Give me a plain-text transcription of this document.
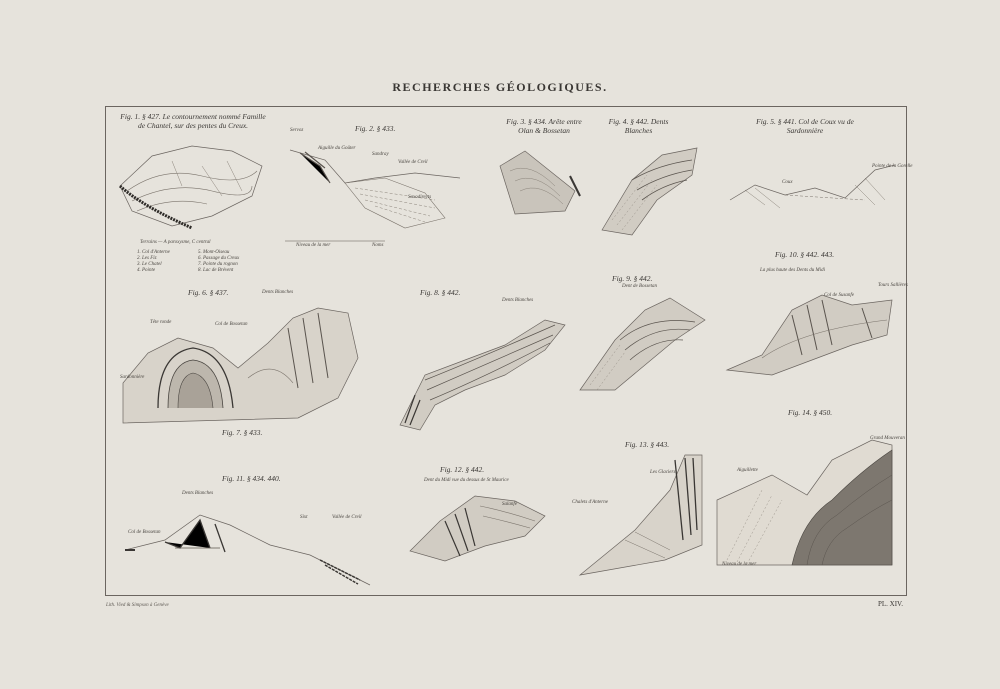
RECHERCHES GÉOLOGIQUES.
Fig. 1. § 427. Le contournement nommé Famille de Chantel, sur des pentes du Creux.
Terrains — A paroxysme, C central
1. Col d'Anterne
2. Les Fiz
3. Le Chatel
4. Pointe
5. Mont-Oiseau
6. Passage du Creux
7. Pointe du rognon
8. Lac de Brévent
Fig. 2. § 433.
Servoz
Aiguille du Goûter
Sandray
Vallée de Creil
Saxodirects
Niveau de la mer	Noms
Fig. 3. § 434. Arête entre Olan & Bossetan
Fig. 4. § 442. Dents Blanches
Fig. 5. § 441. Col de Coux vu de Sardonnière
Coux
Pointe de la Gorelle
Fig. 6. § 437.	Dents Blanches
Tête ronde	Col de Bossetan
Sardonnière
Fig. 7. § 433.
Fig. 8. § 442.
Dents Blanches
Fig. 9. § 442.
Dent de Bossetan
Fig. 10. § 442. 443.
La plus haute des Dents du Midi
Col de Susanfe
Tours Sallières
Fig. 11. § 434. 440.
Dents Blanches
Col de Bossetan
Sixt	Vallée de Creil
Fig. 12. § 442.
Dent du Midi vue du dessus de St Maurice
Salanfe
Fig. 13. § 443.
Les Glaciers
Chalets d'Anterne
Fig. 14. § 450.
Aiguillette
Grand Mouveran
Niveau de la mer
Lith. Vied & Simpson à Genève	PL. XIV.
